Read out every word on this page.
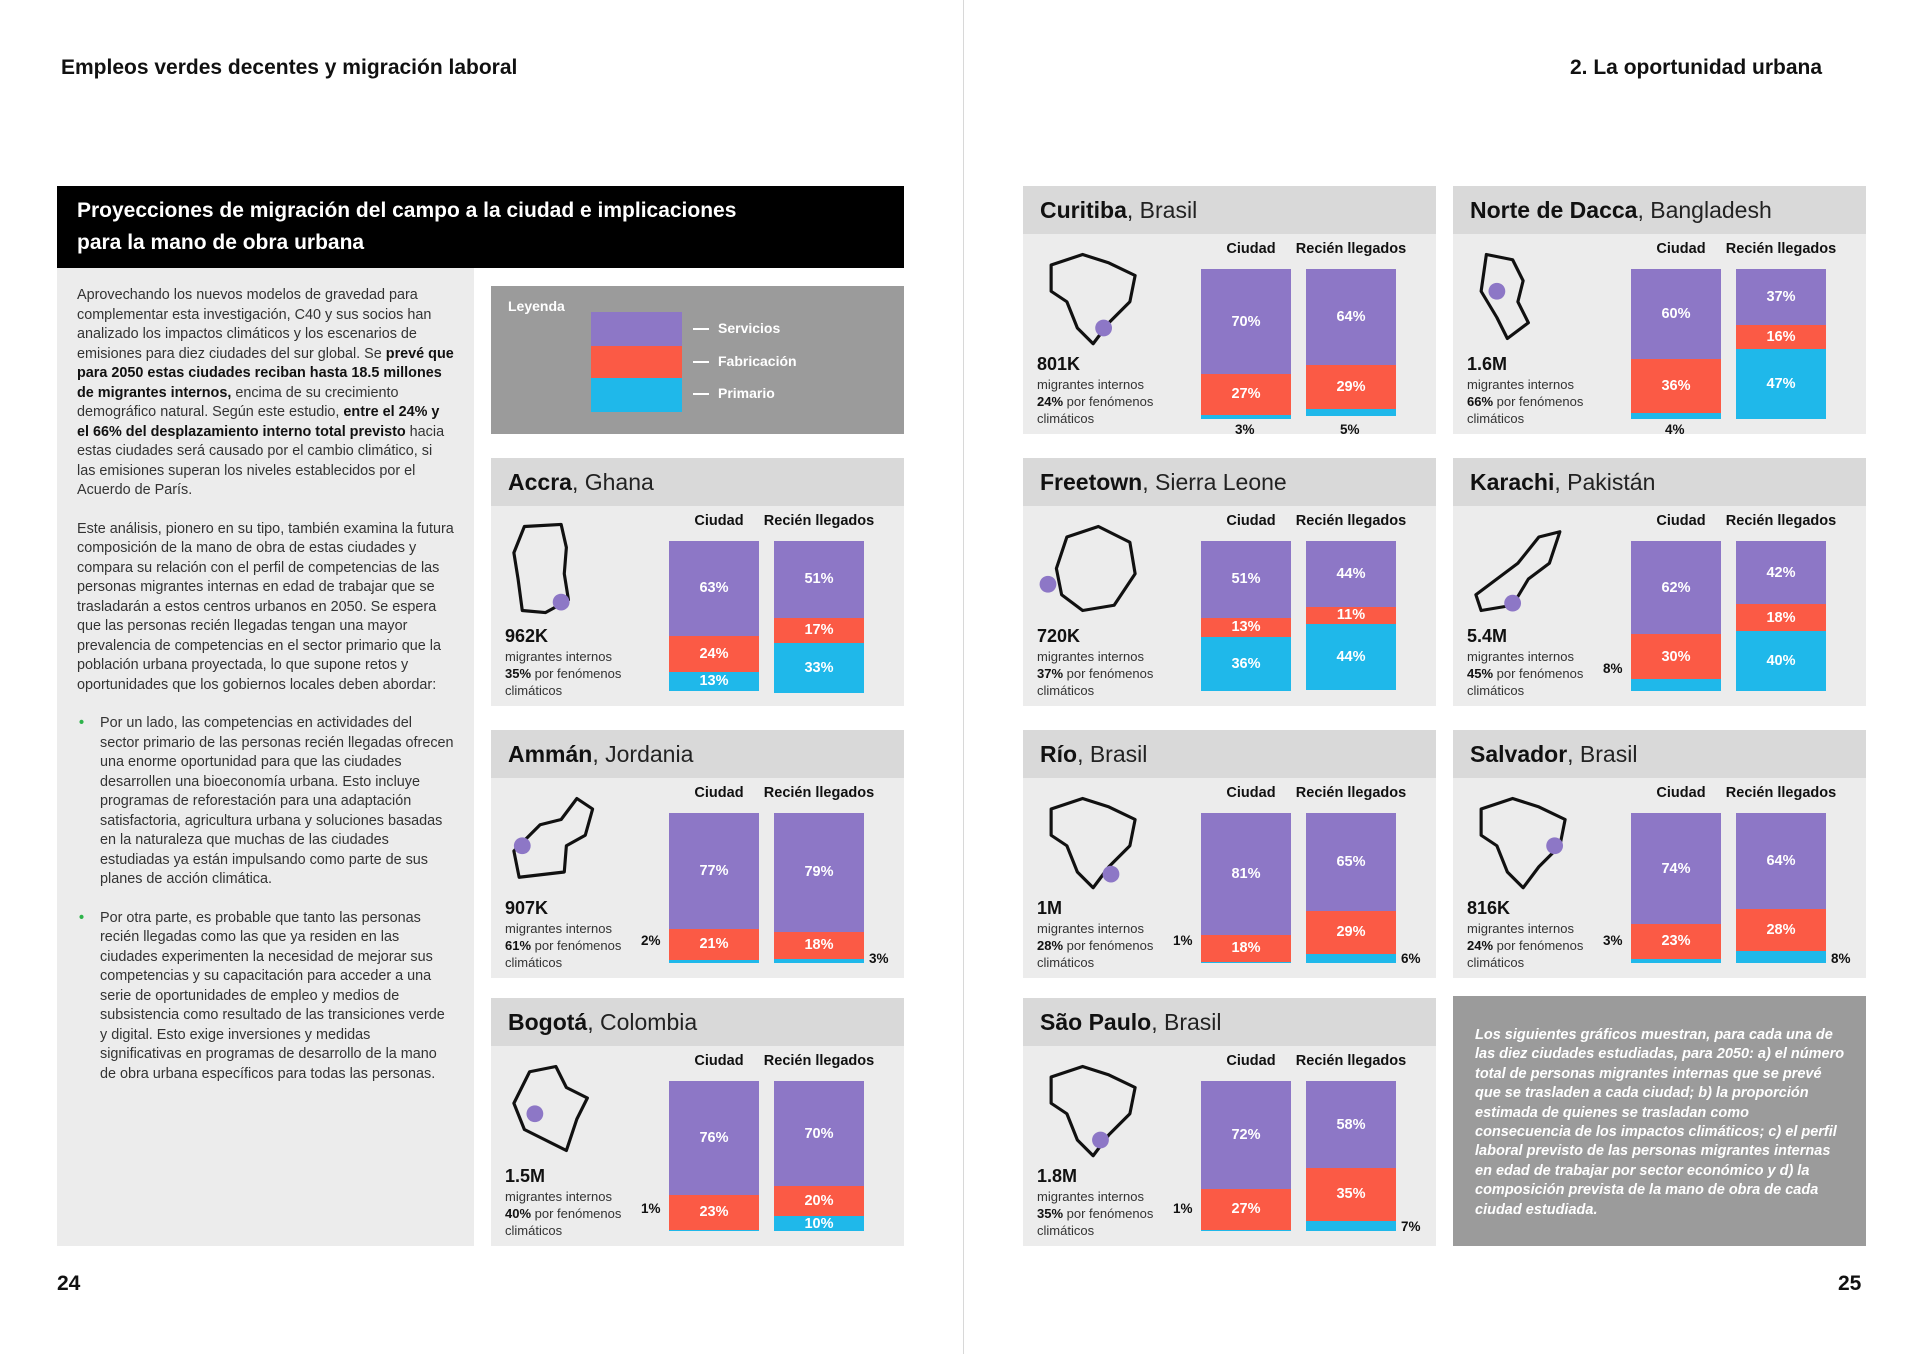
Empleos verdes decentes y migración laboral
Proyecciones de migración del campo a la ciudad e implicaciones
para la mano de obra urbana

Aprovechando los nuevos modelos de gravedad para complementar esta investigación, C40 y sus socios han analizado los impactos climáticos y los escenarios de emisiones para diez ciudades del sur global. Se prevé que para 2050 estas ciudades reciban hasta 18.5 millones de migrantes internos, encima de su crecimiento demográfico natural. Según este estudio, entre el 24% y el 66% del desplazamiento interno total previsto hacia estas ciudades será causado por el cambio climático, si las emisiones superan los niveles establecidos por el Acuerdo de París.

Este análisis, pionero en su tipo, también examina la futura composición de la mano de obra de estas ciudades y compara su relación con el perfil de competencias de las personas migrantes internas en edad de trabajar que se trasladarán a estos centros urbanos en 2050. Se espera que las personas recién llegadas tengan una mayor prevalencia de competencias en el sector primario que la población urbana proyectada, lo que supone retos y oportunidades que los gobiernos locales deben abordar:

• Por un lado, las competencias en actividades del sector primario de las personas recién llegadas ofrecen una enorme oportunidad para que las ciudades desarrollen una bioeconomía urbana. Esto incluye programas de reforestación para una adaptación satisfactoria, agricultura urbana y soluciones basadas en la naturaleza que muchas de las ciudades estudiadas ya están impulsando como parte de sus planes de acción climática.
• Por otra parte, es probable que tanto las personas recién llegadas como las que ya residen en las ciudades experimenten la necesidad de mejorar sus competencias y su capacitación para acceder a una serie de oportunidades de empleo y medios de subsistencia como resultado de las transiciones verde y digital. Esto exige inversiones y medidas significativas en programas de desarrollo de la mano de obra urbana específicos para todas las personas.
Leyenda
Servicios
Fabricación
Primario
2. La oportunidad urbana
Los siguientes gráficos muestran, para cada una de las diez ciudades estudiadas, para 2050: a) el número total de personas migrantes internas que se prevé que se trasladen a cada ciudad; b) la proporción estimada de quienes se trasladan como consecuencia de los impactos climáticos; c) el perfil laboral previsto de las personas migrantes internas en edad de trabajar por sector económico y d) la composición prevista de la mano de obra de cada ciudad estudiada.
24	25
Accra, Ghana
962K
migrantes internos
35% por fenómenos
climáticos
Ciudad
63%
24%
13%
Recién llegados
51%
17%
33%
Ammán, Jordania
907K
migrantes internos
61% por fenómenos
climáticos
Ciudad
2%
77%
21%
Recién llegados
3%
79%
18%
Bogotá, Colombia
1.5M
migrantes internos
40% por fenómenos
climáticos
Ciudad
1%
76%
23%
Recién llegados
70%
20%
10%
Curitiba, Brasil
801K
migrantes internos
24% por fenómenos
climáticos
Ciudad
3%
70%
27%
Recién llegados
5%
64%
29%
Freetown, Sierra Leone
720K
migrantes internos
37% por fenómenos
climáticos
Ciudad
51%
13%
36%
Recién llegados
44%
11%
44%
Río, Brasil
1M
migrantes internos
28% por fenómenos
climáticos
Ciudad
1%
81%
18%
Recién llegados
6%
65%
29%
São Paulo, Brasil
1.8M
migrantes internos
35% por fenómenos
climáticos
Ciudad
1%
72%
27%
Recién llegados
7%
58%
35%
Norte de Dacca, Bangladesh
1.6M
migrantes internos
66% por fenómenos
climáticos
Ciudad
4%
60%
36%
Recién llegados
37%
16%
47%
Karachi, Pakistán
5.4M
migrantes internos
45% por fenómenos
climáticos
Ciudad
8%
62%
30%
Recién llegados
42%
18%
40%
Salvador, Brasil
816K
migrantes internos
24% por fenómenos
climáticos
Ciudad
3%
74%
23%
Recién llegados
8%
64%
28%
